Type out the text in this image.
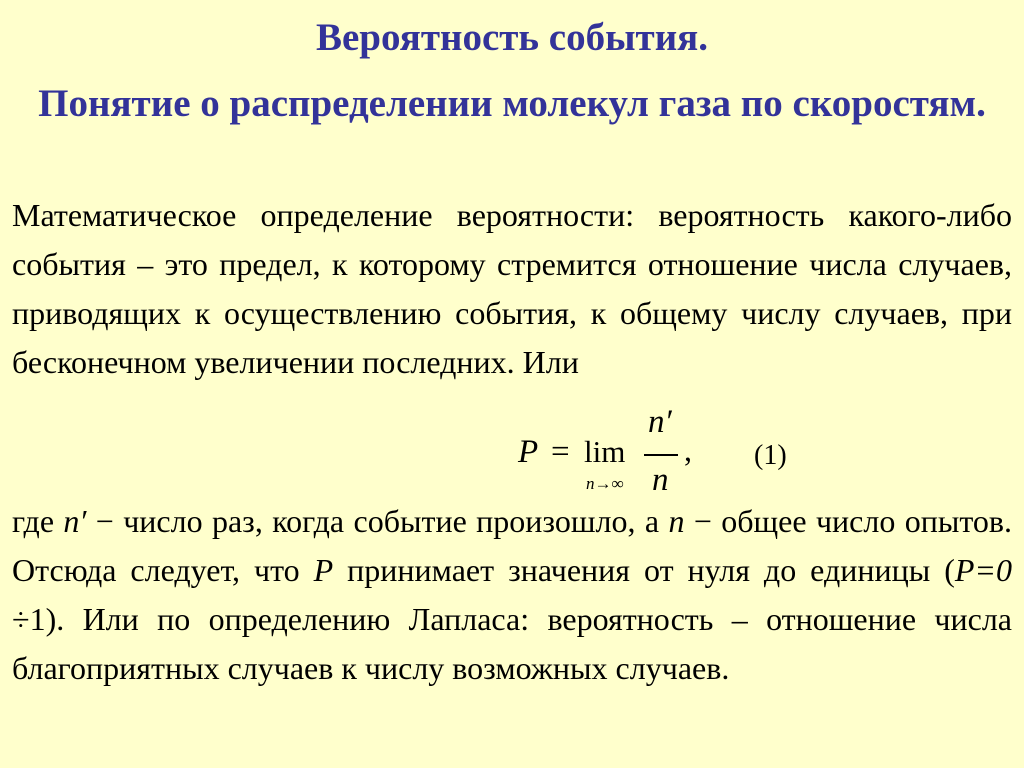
Вероятность события.
Понятие о распределении молекул газа по скоростям.

Математическое определение вероятности: вероятность какого-либо события – это предел, к которому стремится отношение числа случаев, приводящих к осуществлению события, к общему числу случаев, при бесконечном увеличении последних. Или

P = lim
n→∞
n′
n
, (1)

где n′ − число раз, когда событие произошло, а n − общее число опытов. Отсюда следует, что P принимает значения от нуля до единицы (P=0 ÷1). Или по определению Лапласа: вероятность – отношение числа благоприятных случаев к числу возможных случаев.
